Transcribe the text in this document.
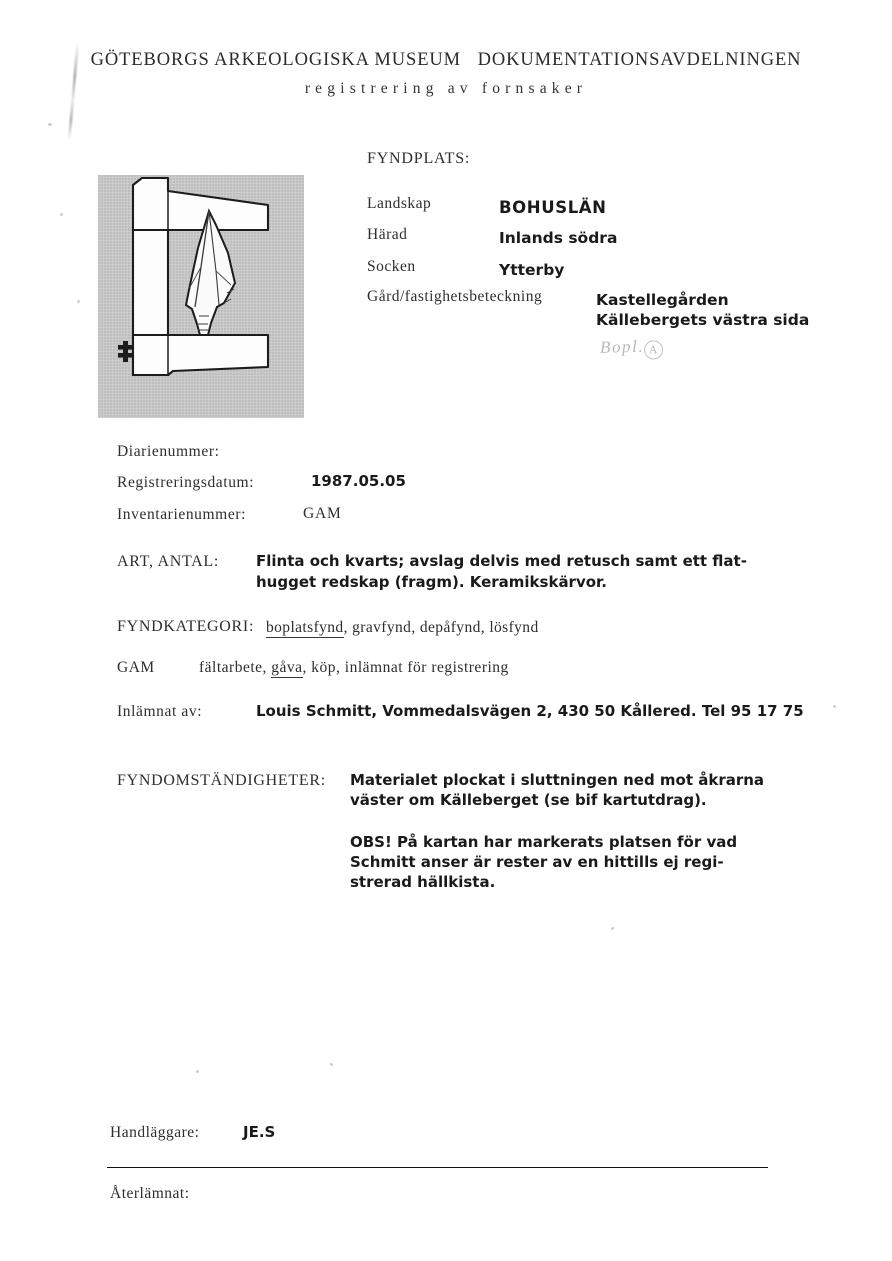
GÖTEBORGS ARKEOLOGISKA MUSEUM   DOKUMENTATIONSAVDELNINGEN
registrering av fornsaker

FYNDPLATS:
Landskap	BOHUSLÄN
Härad	Inlands södra
Socken	Ytterby
Gård/fastighetsbeteckning	Kastellegården
Källebergets västra sida
Bopl. A
Diarienummer:
Registreringsdatum:	1987.05.05
Inventarienummer:	GAM
ART, ANTAL: Flinta och kvarts; avslag delvis med retusch samt ett flat-
hugget redskap (fragm). Keramikskärvor.
FYNDKATEGORI: boplatsfynd, gravfynd, depåfynd, lösfynd
GAM	fältarbete, gåva, köp, inlämnat för registrering
Inlämnat av:	Louis Schmitt, Vommedalsvägen 2, 430 50 Kållered. Tel 95 17 75
FYNDOMSTÄNDIGHETER: Materialet plockat i sluttningen ned mot åkrarna
väster om Källeberget (se bif kartutdrag).
OBS! På kartan har markerats platsen för vad
Schmitt anser är rester av en hittills ej regi-
strerad hällkista.
Handläggare:	JE.S
Återlämnat:
